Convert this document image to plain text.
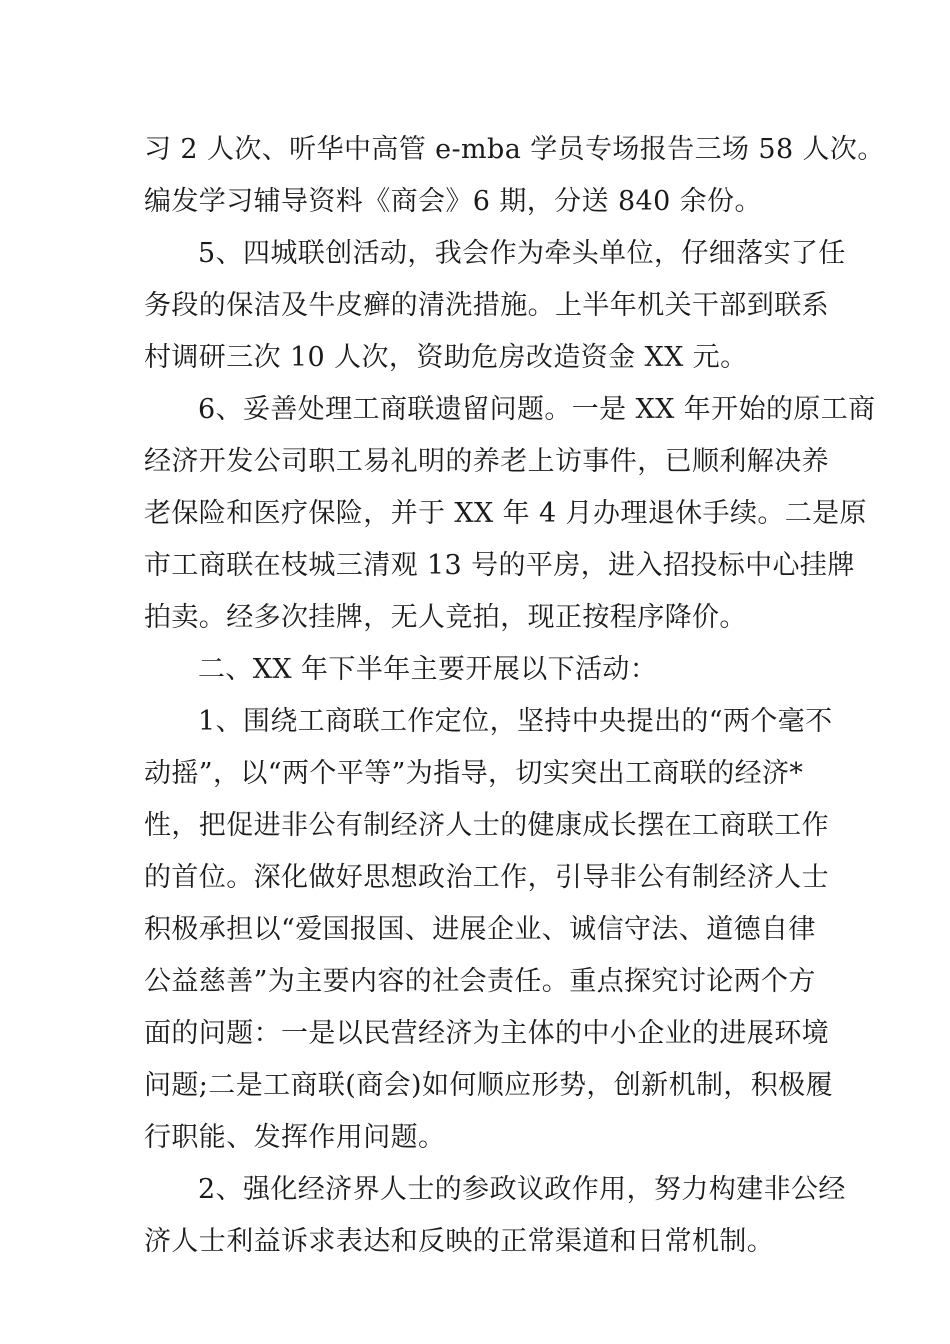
习 2 人次、听华中高管 e-mba 学员专场报告三场 58 人次。
编发学习辅导资料《商会》6 期，分送 840 余份。
5、四城联创活动，我会作为牵头单位，仔细落实了任
务段的保洁及牛皮癣的清洗措施。上半年机关干部到联系
村调研三次 10 人次，资助危房改造资金 XX 元。
6、妥善处理工商联遗留问题。一是 XX 年开始的原工商
经济开发公司职工易礼明的养老上访事件，已顺利解决养
老保险和医疗保险，并于 XX 年 4 月办理退休手续。二是原
市工商联在枝城三清观 13 号的平房，进入招投标中心挂牌
拍卖。经多次挂牌，无人竞拍，现正按程序降价。
二、XX 年下半年主要开展以下活动：
1、围绕工商联工作定位，坚持中央提出的“两个毫不
动摇”，以“两个平等”为指导，切实突出工商联的经济*
性，把促进非公有制经济人士的健康成长摆在工商联工作
的首位。深化做好思想政治工作，引导非公有制经济人士
积极承担以“爱国报国、进展企业、诚信守法、道德自律
公益慈善”为主要内容的社会责任。重点探究讨论两个方
面的问题：一是以民营经济为主体的中小企业的进展环境
问题;二是工商联(商会)如何顺应形势，创新机制，积极履
行职能、发挥作用问题。
2、强化经济界人士的参政议政作用，努力构建非公经
济人士利益诉求表达和反映的正常渠道和日常机制。
